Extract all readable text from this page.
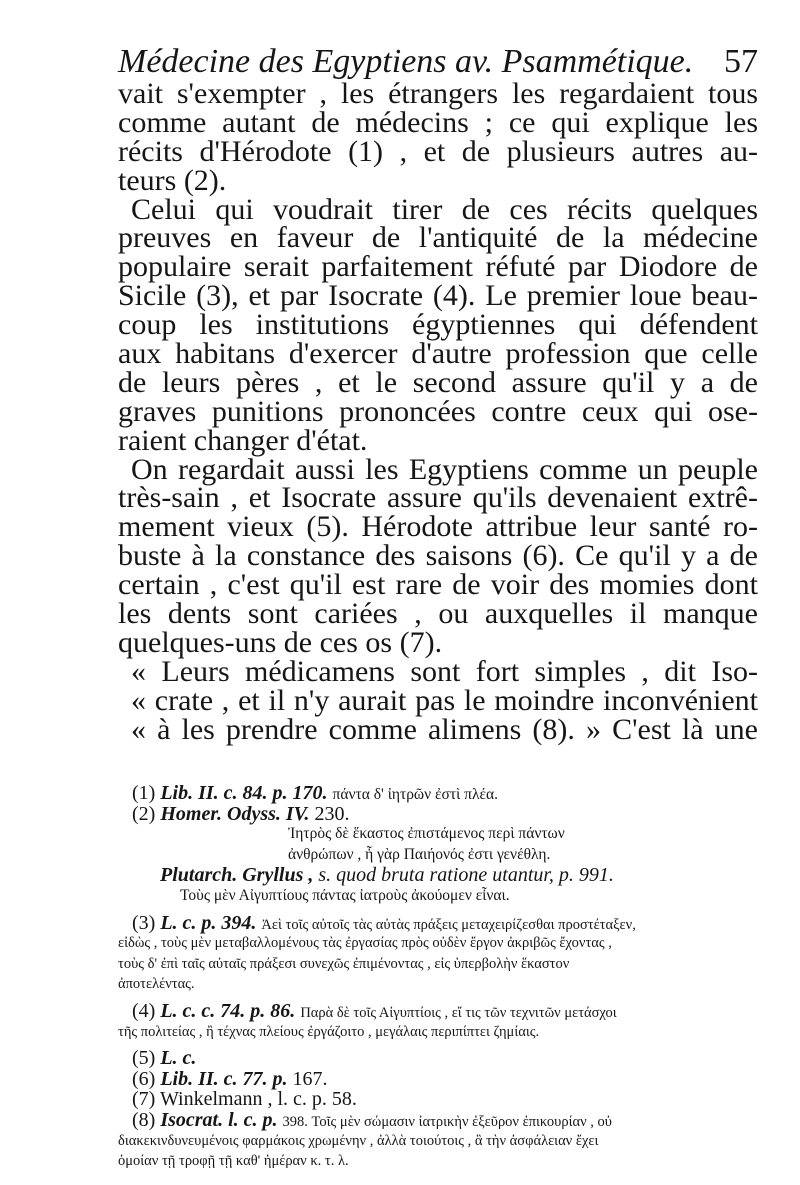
Médecine des Egyptiens av. Psammétique. 57
vait s'exempter , les étrangers les regardaient tous
comme autant de médecins ; ce qui explique les
récits d'Hérodote (1) , et de plusieurs autres au-
teurs (2).
Celui qui voudrait tirer de ces récits quelques
preuves en faveur de l'antiquité de la médecine
populaire serait parfaitement réfuté par Diodore de
Sicile (3), et par Isocrate (4). Le premier loue beau-
coup les institutions égyptiennes qui défendent
aux habitans d'exercer d'autre profession que celle
de leurs pères , et le second assure qu'il y a de
graves punitions prononcées contre ceux qui ose-
raient changer d'état.
On regardait aussi les Egyptiens comme un peuple
très-sain , et Isocrate assure qu'ils devenaient extrê-
mement vieux (5). Hérodote attribue leur santé ro-
buste à la constance des saisons (6). Ce qu'il y a de
certain , c'est qu'il est rare de voir des momies dont
les dents sont cariées , ou auxquelles il manque
quelques-uns de ces os (7).
« Leurs médicamens sont fort simples , dit Iso-
« crate , et il n'y aurait pas le moindre inconvénient
« à les prendre comme alimens (8). » C'est là une
(1) Lib. II. c. 84. p. 170. πάντα δ' ἰητρῶν ἐστὶ πλέα.
(2) Homer. Odyss. IV. 230.
Ἰητρὸς δὲ ἕκαστος ἐπιστάμενος περὶ πάντων
ἀνθρώπων , ἦ γὰρ Παιήονός ἐστι γενέθλη.
Plutarch. Gryllus , s. quod bruta ratione utantur, p. 991.
Τοὺς μὲν Αἰγυπτίους πάντας ἰατροὺς ἀκούομεν εἶναι.
(3) L. c. p. 394. Ἀεὶ τοῖς αὐτοῖς τὰς αὐτὰς πράξεις μεταχειρίζεσθαι προστέταξεν,
εἰδὼς , τοὺς μὲν μεταβαλλομένους τὰς ἐργασίας πρὸς οὐδὲν ἔργον ἀκριβῶς ἔχοντας ,
τοὺς δ' ἐπὶ ταῖς αὐταῖς πράξεσι συνεχῶς ἐπιμένοντας , εἰς ὑπερβολὴν ἕκαστον
ἀποτελέντας.
(4) L. c. c. 74. p. 86. Παρὰ δὲ τοῖς Αἰγυπτίοις , εἴ τις τῶν τεχνιτῶν μετάσχοι
τῆς πολιτείας , ἢ τέχνας πλείους ἐργάζοιτο , μεγάλαις περιπίπτει ζημίαις.
(5) L. c.
(6) Lib. II. c. 77. p. 167.
(7) Winkelmann , l. c. p. 58.
(8) Isocrat. l. c. p. 398. Τοῖς μὲν σώμασιν ἰατρικὴν ἐξεῦρον ἐπικουρίαν , οὐ
διακεκινδυνευμένοις φαρμάκοις χρωμένην , ἀλλὰ τοιούτοις , ἃ τὴν ἀσφάλειαν ἔχει
ὁμοίαν τῇ τροφῇ τῇ καθ' ἡμέραν κ. τ. λ.
